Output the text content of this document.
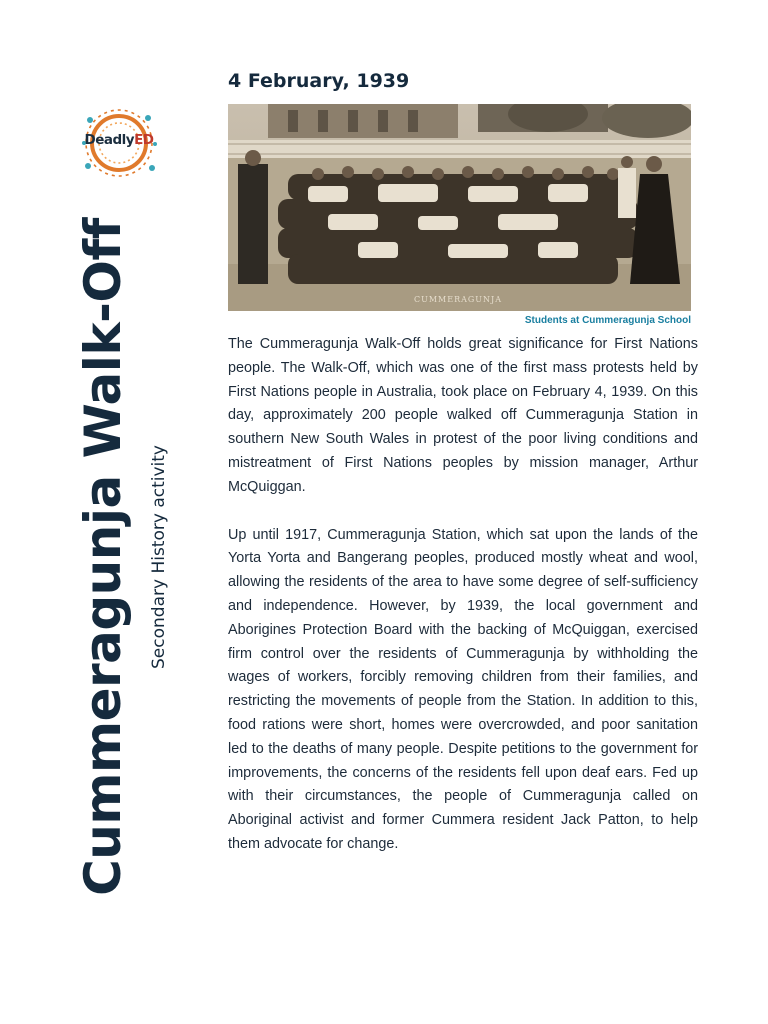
DeadlyED
Cummeragunja Walk-Off Secondary History activity
4 February, 1939
CUMMERAGUNJA
Students at Cummeragunja School

The Cummeragunja Walk-Off holds great significance for First Nations people. The Walk-Off, which was one of the first mass protests held by First Nations people in Australia, took place on February 4, 1939. On this day, approximately 200 people walked off Cummeragunja Station in southern New South Wales in protest of the poor living conditions and mistreatment of First Nations peoples by mission manager, Arthur McQuiggan.

Up until 1917, Cummeragunja Station, which sat upon the lands of the Yorta Yorta and Bangerang peoples, produced mostly wheat and wool, allowing the residents of the area to have some degree of self-sufficiency and independence. However, by 1939, the local government and Aborigines Protection Board with the backing of McQuiggan, exercised firm control over the residents of Cummeragunja by withholding the wages of workers, forcibly removing children from their families, and restricting the movements of people from the Station. In addition to this, food rations were short, homes were overcrowded, and poor sanitation led to the deaths of many people. Despite petitions to the government for improvements, the concerns of the residents fell upon deaf ears. Fed up with their circumstances, the people of Cummeragunja called on Aboriginal activist and former Cummera resident Jack Patton, to help them advocate for change.
